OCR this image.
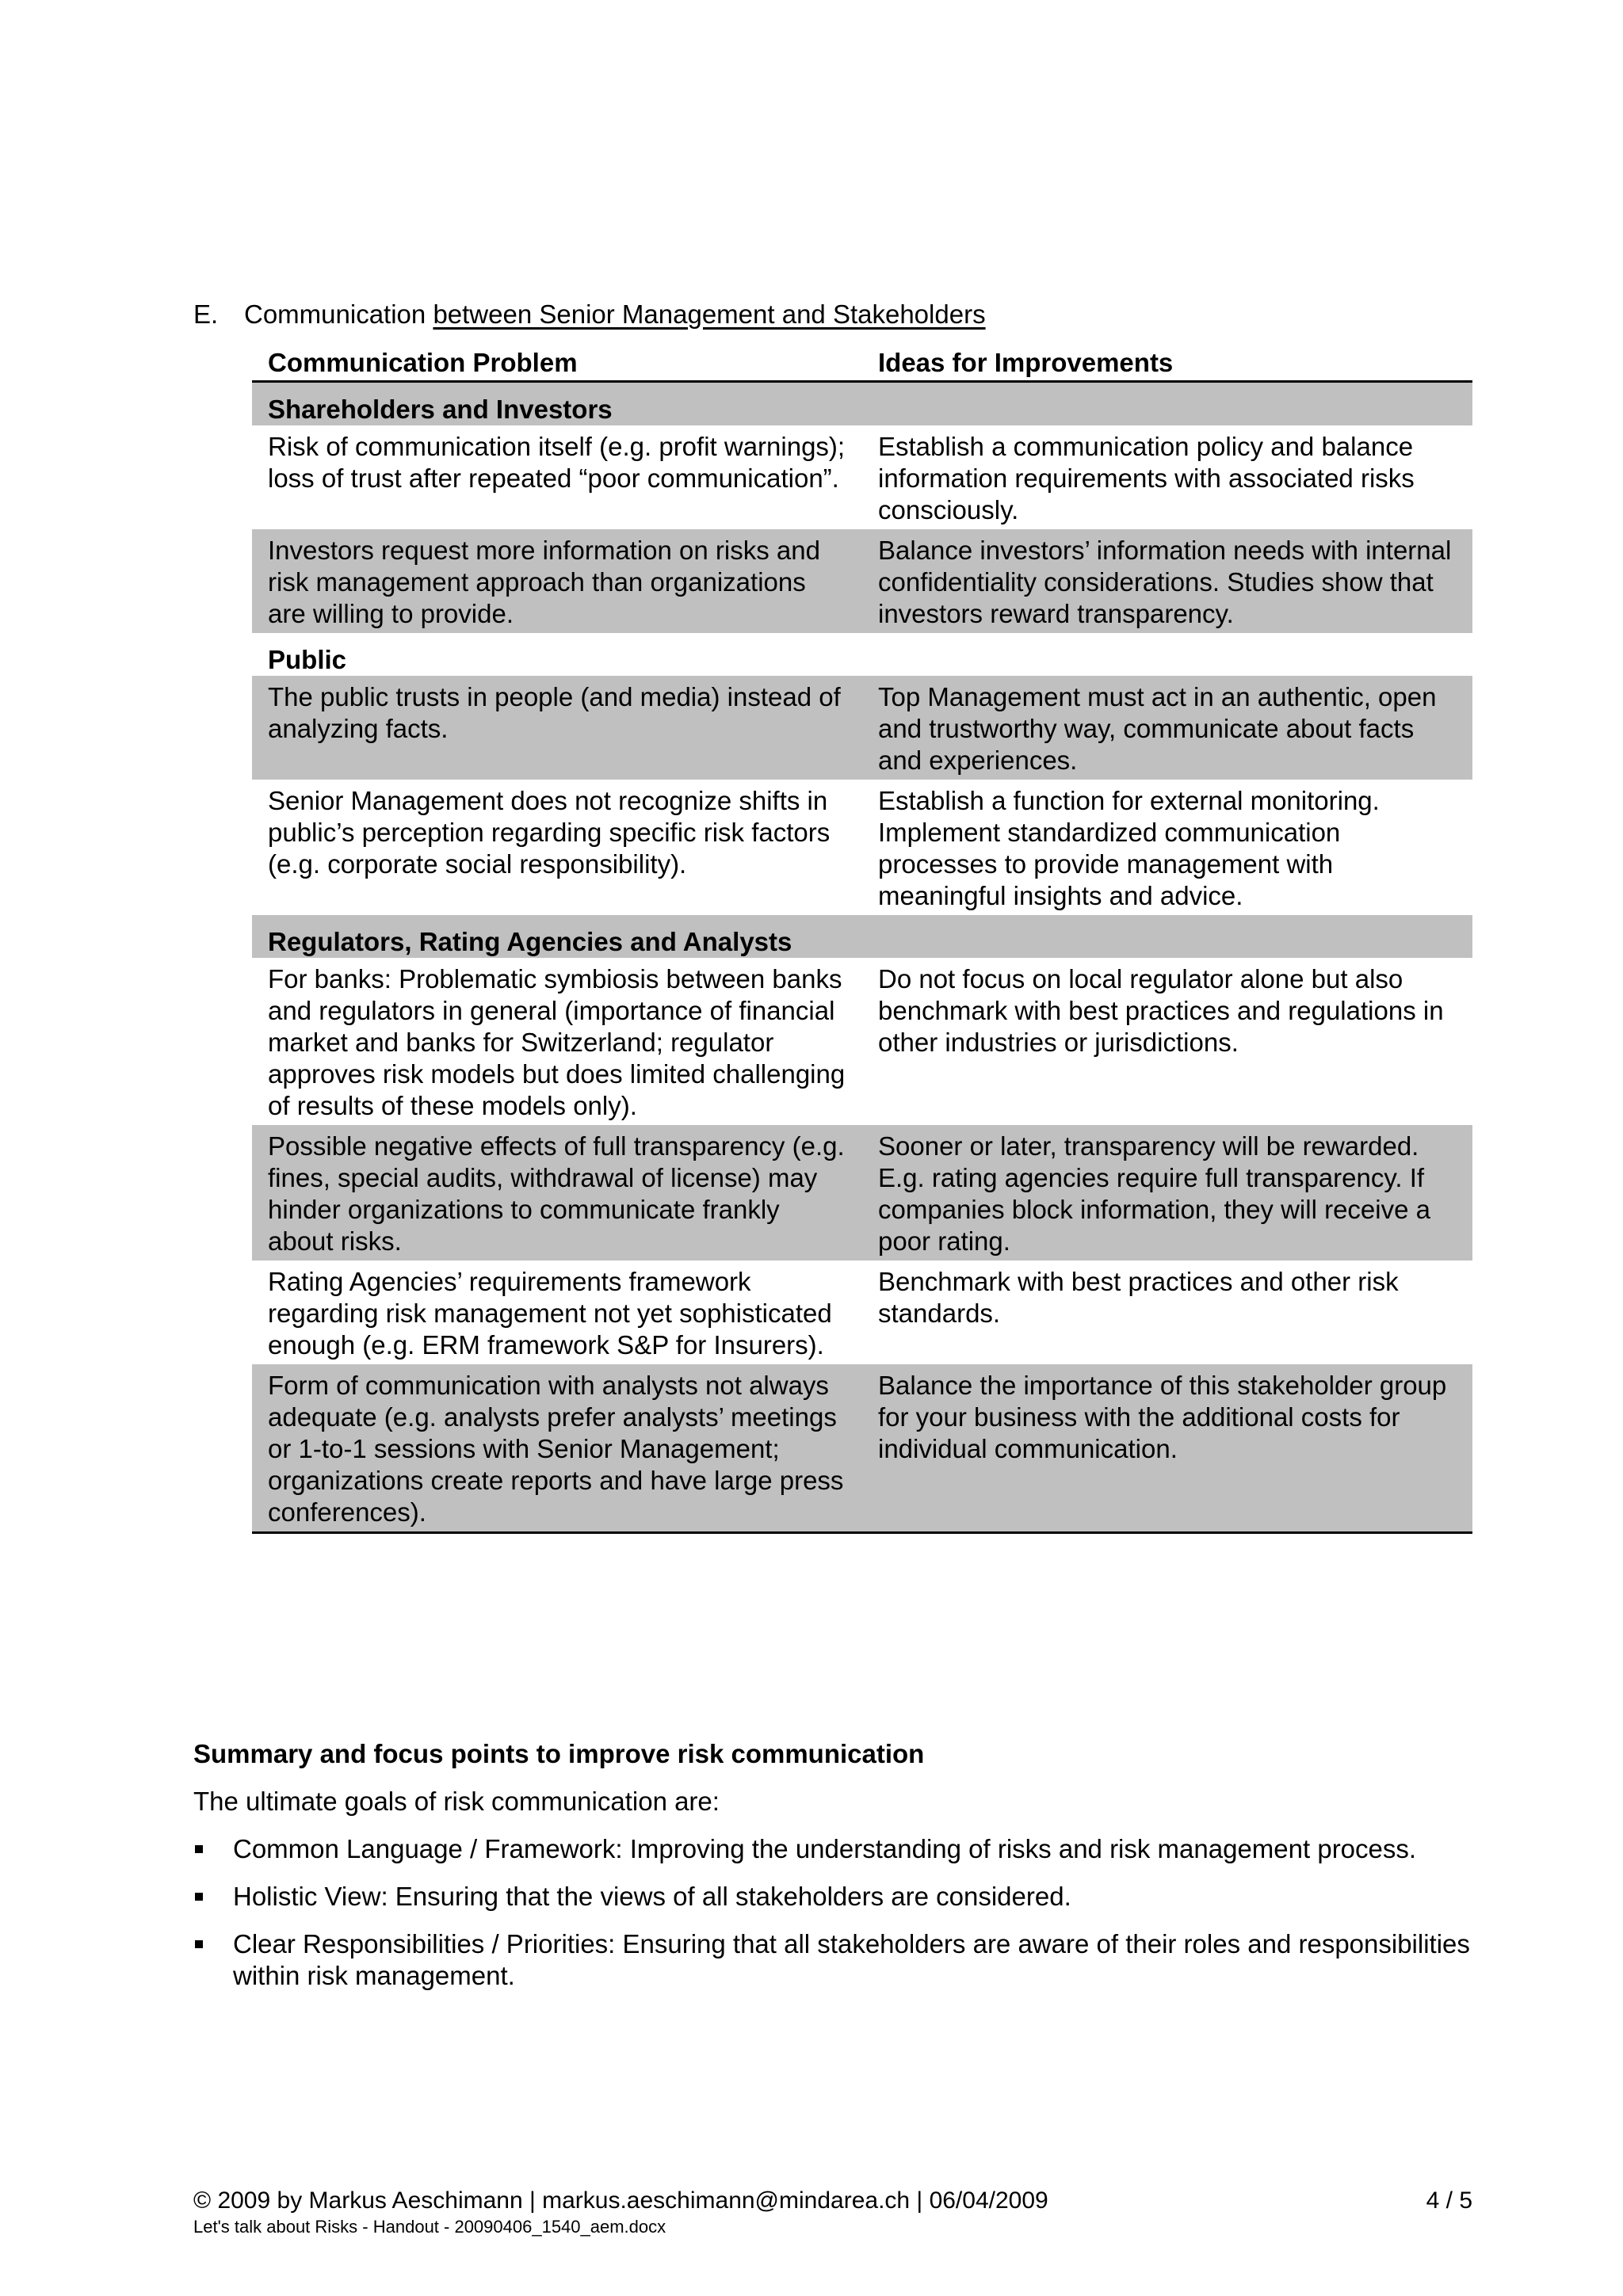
E. Communication between Senior Management and Stakeholders
Communication Problem	Ideas for Improvements
Shareholders and Investors	
Risk of communication itself (e.g. profit warnings); loss of trust after repeated “poor communication”.	Establish a communication policy and balance information requirements with associated risks consciously.
Investors request more information on risks and risk management approach than organizations are willing to provide.	Balance investors’ information needs with internal confidentiality considerations. Studies show that investors reward transparency.
Public	
The public trusts in people (and media) instead of analyzing facts.	Top Management must act in an authentic, open and trustworthy way, communicate about facts and experiences.
Senior Management does not recognize shifts in public’s perception regarding specific risk factors (e.g. corporate social responsibility).	Establish a function for external monitoring. Implement standardized communication processes to provide management with meaningful insights and advice.
Regulators, Rating Agencies and Analysts	
For banks: Problematic symbiosis between banks and regulators in general (importance of financial market and banks for Switzerland; regulator approves risk models but does limited challenging of results of these models only).	Do not focus on local regulator alone but also benchmark with best practices and regulations in other industries or jurisdictions.
Possible negative effects of full transparency (e.g. fines, special audits, withdrawal of license) may hinder organizations to communicate frankly about risks.	Sooner or later, transparency will be rewarded. E.g. rating agencies require full transparency. If companies block information, they will receive a poor rating.
Rating Agencies’ requirements framework regarding risk management not yet sophisticated enough (e.g. ERM framework S&P for Insurers).	Benchmark with best practices and other risk standards.
Form of communication with analysts not always adequate (e.g. analysts prefer analysts’ meetings or 1-to-1 sessions with Senior Management; organizations create reports and have large press conferences).	Balance the importance of this stakeholder group for your business with the additional costs for individual communication.

Summary and focus points to improve risk communication

The ultimate goals of risk communication are:

Common Language / Framework: Improving the understanding of risks and risk management process.
Holistic View: Ensuring that the views of all stakeholders are considered.
Clear Responsibilities / Priorities: Ensuring that all stakeholders are aware of their roles and responsibilities within risk management.
© 2009 by Markus Aeschimann | markus.aeschimann@mindarea.ch | 06/04/2009	4 / 5
Let's talk about Risks - Handout - 20090406_1540_aem.docx
